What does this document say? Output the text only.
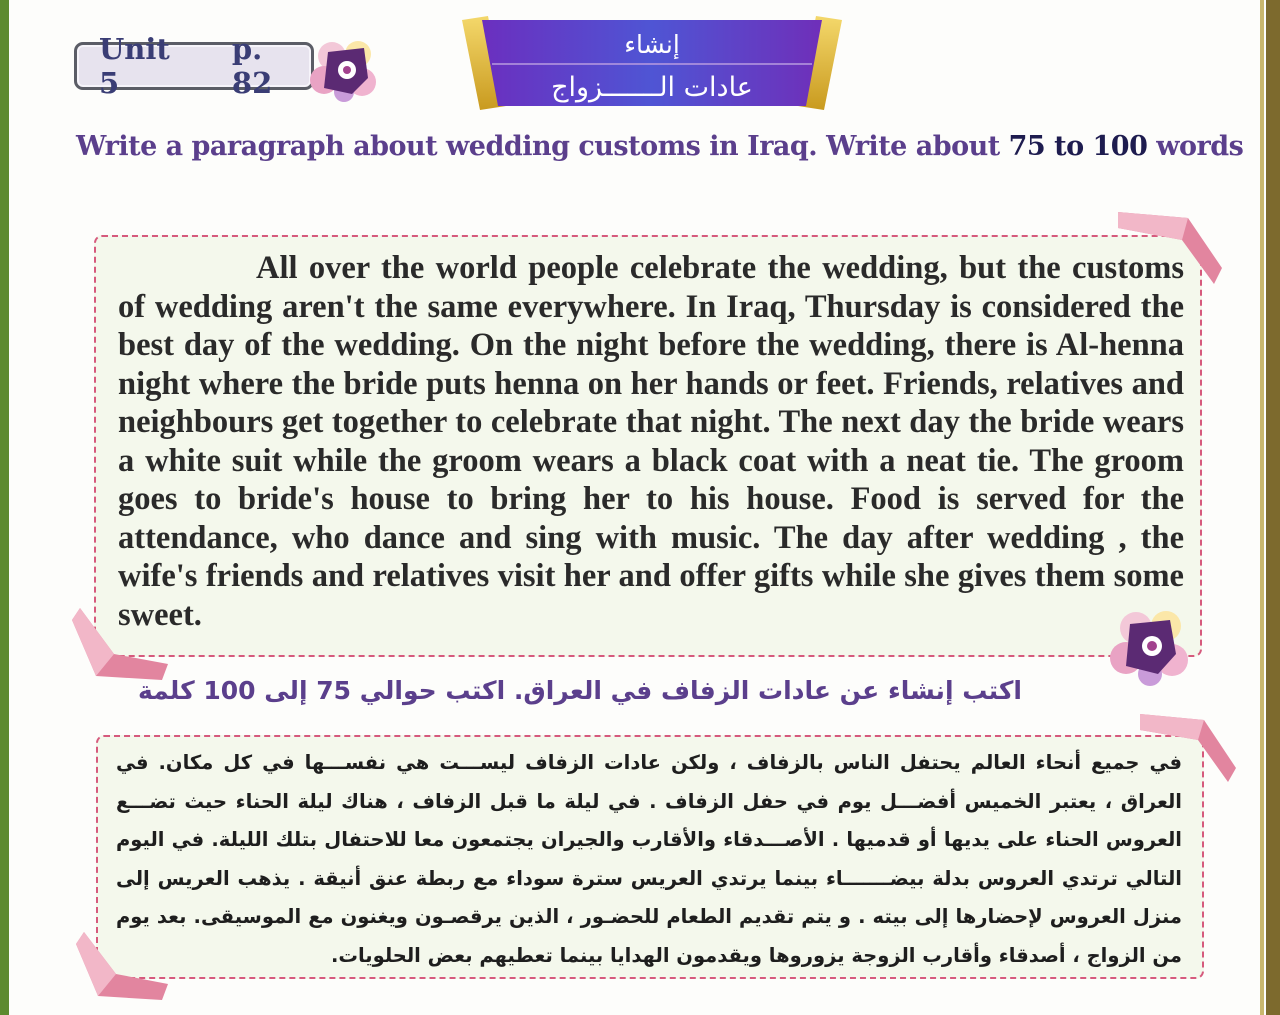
Unit 5
p. 82
إنشاء
عادات الـــــــزواج
Write a paragraph about wedding customs in Iraq. Write about 75 to 100 words
All over the world people celebrate the wedding, but the customs of wedding aren't the same everywhere. In Iraq, Thursday is considered the best day of the wedding. On the night before the wedding, there is Al-henna night where the bride puts henna on her hands or feet. Friends, relatives and neighbours get together to celebrate that night. The next day the bride wears a white suit while the groom wears a black coat with a neat tie. The groom goes to bride's house to bring her to his house. Food is served for the attendance, who dance and sing with music. The day after wedding , the wife's friends and relatives visit her and offer gifts while she gives them some sweet.
اكتب إنشاء عن عادات الزفاف في العراق. اكتب حوالي 75 إلى 100 كلمة
في جميع أنحاء العالم يحتفل الناس بالزفاف ، ولكن عادات الزفاف ليســـت هي نفســـها في كل مكان. في العراق ، يعتبر الخميس أفضـــل يوم في حفل الزفاف . في ليلة ما قبل الزفاف ، هناك ليلة الحناء حيث تضـــع العروس الحناء على يديها أو قدميها . الأصـــدقاء والأقارب والجيران يجتمعون معا للاحتفال بتلك الليلة. في اليوم التالي ترتدي العروس بدلة بيضـــــــاء بينما يرتدي العريس سترة سوداء مع ربطة عنق أنيقة . يذهب العريس إلى منزل العروس لإحضارها إلى بيته . و يتم تقديم الطعام للحضـور ، الذين يرقصـون ويغنون مع الموسيقى. بعد يوم من الزواج ، أصدقاء وأقارب الزوجة يزوروها ويقدمون الهدايا بينما تعطيهم بعض الحلويات.
